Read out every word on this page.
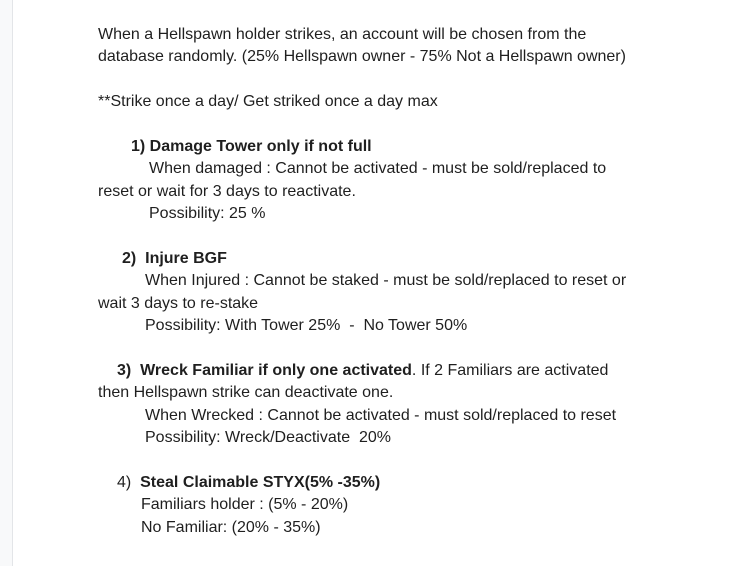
When a Hellspawn holder strikes, an account will be chosen from the
database randomly. (25% Hellspawn owner - 75% Not a Hellspawn owner)
**Strike once a day/ Get striked once a day max
1) Damage Tower only if not full
When damaged : Cannot be activated - must be sold/replaced to
reset or wait for 3 days to reactivate.
Possibility: 25 %
2)  Injure BGF
When Injured : Cannot be staked - must be sold/replaced to reset or
wait 3 days to re-stake
Possibility: With Tower 25%  -  No Tower 50%
3)  Wreck Familiar if only one activated. If 2 Familiars are activated
then Hellspawn strike can deactivate one.
When Wrecked : Cannot be activated - must sold/replaced to reset
Possibility: Wreck/Deactivate  20%
4)  Steal Claimable STYX(5% -35%)
Familiars holder : (5% - 20%)
No Familiar: (20% - 35%)
